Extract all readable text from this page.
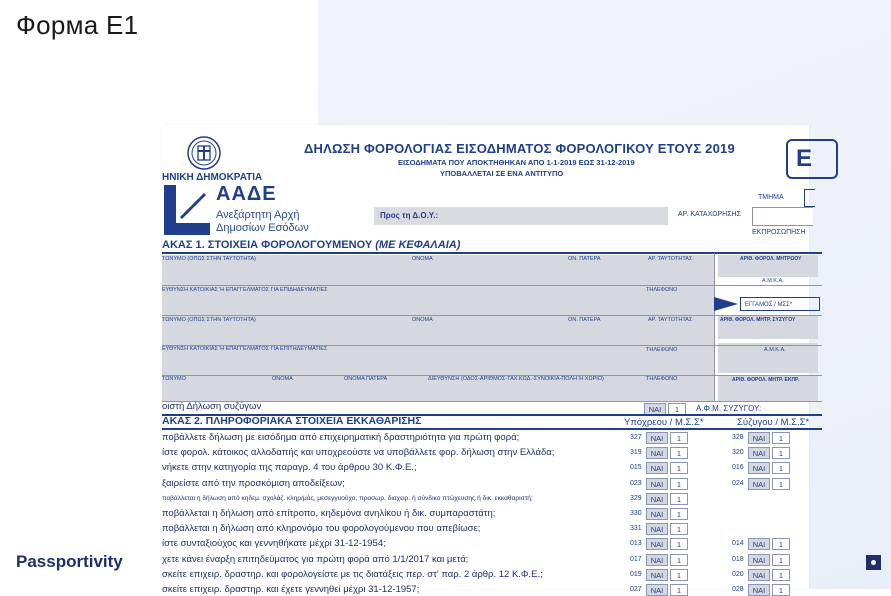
Форма Е1
ΗΝΙΚΗ ΔΗΜΟΚΡΑΤΙΑ
ΑΑΔΕ
Ανεξάρτητη Αρχή
Δημοσίων Εσόδων
ΔΗΛΩΣΗ ΦΟΡΟΛΟΓΙΑΣ ΕΙΣΟΔΗΜΑΤΟΣ ΦΟΡΟΛΟΓΙΚΟΥ ΕΤΟΥΣ 2019
ΕΙΣΟΔΗΜΑΤΑ ΠΟΥ ΑΠΟΚΤΗΘΗΚΑΝ ΑΠΟ 1-1-2019 ΕΩΣ 31-12-2019
ΥΠΟΒΑΛΛΕΤΑΙ ΣΕ ΕΝΑ ΑΝΤΙΤΥΠΟ
Ε
ΤΜΗΜΑ
Προς τη Δ.Ο.Υ.:	ΑΡ. ΚΑΤΑΧΩΡΗΣΗΣ
ΕΚΠΡΟΣΩΠΗΣΗ
ΑΚΑΣ 1. ΣΤΟΙΧΕΙΑ ΦΟΡΟΛΟΓΟΥΜΕΝΟΥ (ΜΕ ΚΕΦΑΛΑΙΑ)
ΤΩΝΥΜΟ (ΟΠΩΣ ΣΤΗΝ ΤΑΥΤΟΤΗΤΑ)	ΟΝΟΜΑ	ΟΝ. ΠΑΤΕΡΑ	ΑΡ. ΤΑΥΤΟΤΗΤΑΣ	ΑΡΙΘ. ΦΟΡΟΛ. ΜΗΤΡΩΟΥ
Α.Μ.Κ.Α.
ΕΥΘΥΝΣΗ ΚΑΤΟΙΚΙΑΣ Ή ΕΠΑΓΓΕΛΜΑΤΟΣ ΓΙΑ ΕΠΙΔΗΔΕΥΜΑΤΙΕΣ	ΤΗΛΕΦΩΝΟ
ΕΓΓΑΜΟΣ / ΜΣΣ*
ΤΩΝΥΜΟ (ΟΠΩΣ ΣΤΗΝ ΤΑΥΤΟΤΗΤΑ)	ΟΝΟΜΑ	ΟΝ. ΠΑΤΕΡΑ	ΑΡ. ΤΑΥΤΟΤΗΤΑΣ	ΑΡΙΘ. ΦΟΡΟΛ. ΜΗΤΡ. ΣΥΖΥΓΟΥ
ΕΥΘΥΝΣΗ ΚΑΤΟΙΚΙΑΣ Ή ΕΠΑΓΓΕΛΜΑΤΟΣ ΓΙΑ ΕΠΙΤΗΔΕΥΜΑΤΙΕΣ	ΤΗΛΕΦΩΝΟ	Α.Μ.Κ.Α.
ΤΩΝΥΜΟ	ΟΝΟΜΑ	ΟΝΟΜΑ ΠΑΤΕΡΑ	ΔΙΕΥΘΥΝΣΗ (ΟΔΟΣ-ΑΡΙΘΜΟΣ-ΤΑΧ.ΚΩΔ.-ΣΥΝΟΙΚΙΑ-ΠΟΛΗ Ή ΧΩΡΙΟ)	ΤΗΛΕΦΩΝΟ	ΑΡΙΘ. ΦΟΡΟΛ. ΜΗΤΡ. ΕΚΠΡ.
οιστή Δήλωση συζύγων	ΝΑΙ	1	Α.Φ.Μ. ΣΥΖΥΓΟΥ:
ΑΚΑΣ 2. ΠΛΗΡΟΦΟΡΙΑΚΑ ΣΤΟΙΧΕΙΑ ΕΚΚΑΘΑΡΙΣΗΣ	Υπόχρεου / Μ.Σ.Σ*	Σύζυγου / Μ.Σ.Σ*
ποβάλλετε δήλωση με εισόδημα από επιχειρηματική δραστηριότητα για πρώτη φορά;	327	ΝΑΙ	1	328	ΝΑΙ	1
ίστε φορολ. κάτοικος αλλοδαπής και υποχρεούστε να υποβάλλετε φορ. δήλωση στην Ελλάδα;	319	ΝΑΙ	1	320	ΝΑΙ	1
νήκετε στην κατηγορία της παραγρ. 4 του άρθρου 30 Κ.Φ.Ε.;	015	ΝΑΙ	1	016	ΝΑΙ	1
ξαιρείστε από την προσκόμιση αποδείξεων;	023	ΝΑΙ	1	024	ΝΑΙ	1
ποβάλλεται η δήλωση από κηδεμ. σχολάζ. κληρ/μάς, μεσεγγυούχο, προσωρ. διαχειρ. ή σύνδικο πτώχευσης ή δικ. εκκαθαριστή;	329	ΝΑΙ	1
ποβάλλεται η δήλωση από επίτροπο, κηδεμόνα ανηλίκου ή δικ. συμπαραστάτη;	330	ΝΑΙ	1
ποβάλλεται η δήλωση από κληρονόμο του φορολογούμενου που απεβίωσε;	331	ΝΑΙ	1
ίστε συνταξιούχος και γεννηθήκατε μέχρι 31-12-1954;	013	ΝΑΙ	1	014	ΝΑΙ	1
χετε κάνει έναρξη επιτηδεύματος για πρώτη φορά από 1/1/2017 και μετά;	017	ΝΑΙ	1	018	ΝΑΙ	1
σκείτε επιχειρ. δραστηρ. και φορολογείστε με τις διατάξεις περ. στ' παρ. 2 άρθρ. 12 Κ.Φ.Ε.;	019	ΝΑΙ	1	020	ΝΑΙ	1
σκείτε επιχειρ. δραστηρ. και έχετε γεννηθεί μέχρι 31-12-1957;	027	ΝΑΙ	1	028	ΝΑΙ	1
Passportivity
